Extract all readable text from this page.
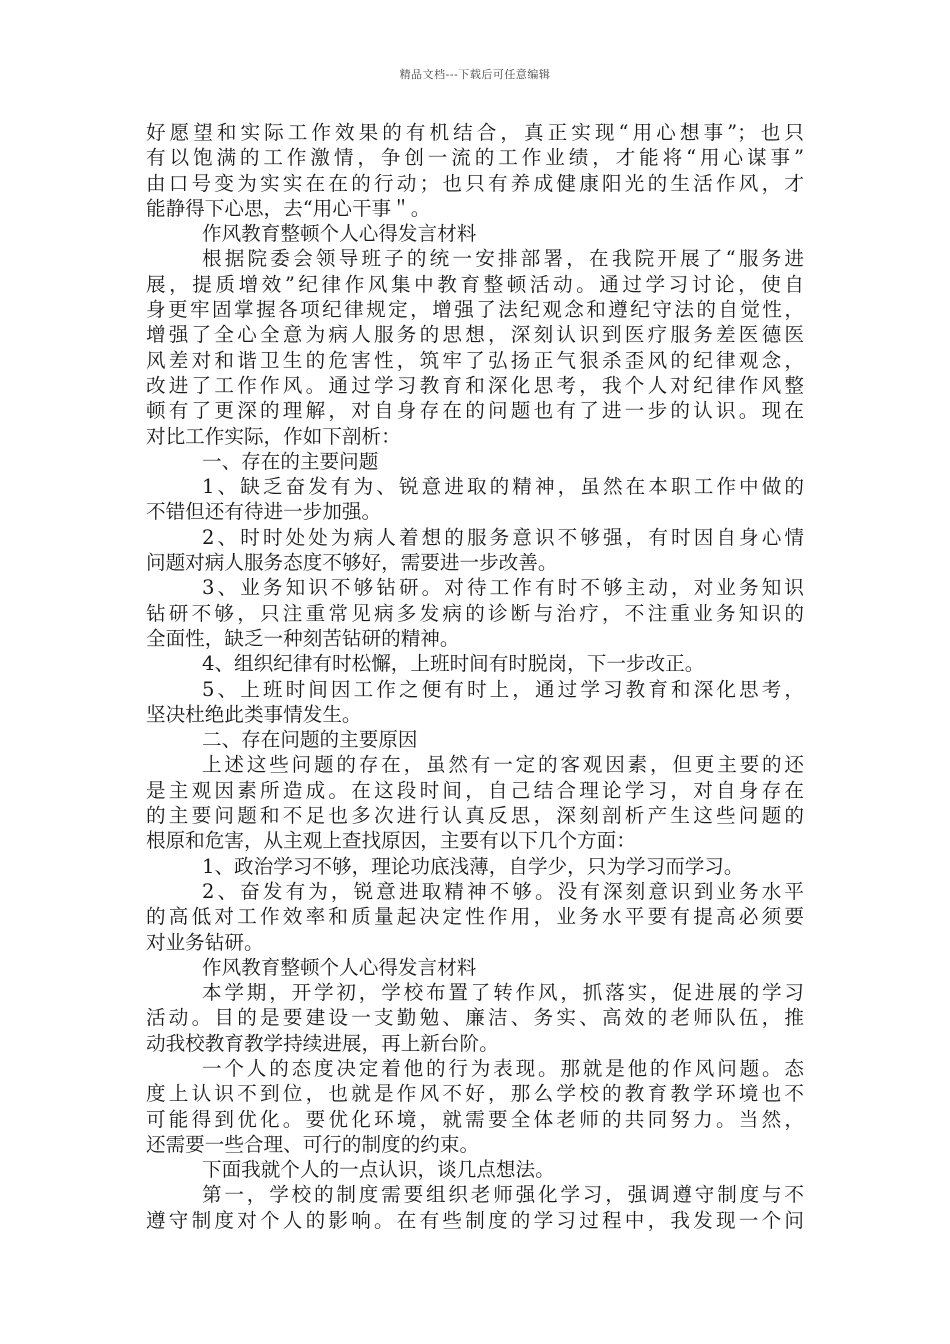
精品文档---下载后可任意编辑
好愿望和实际工作效果的有机结合，真正实现“用心想事”；也只
有以饱满的工作激情，争创一流的工作业绩，才能将“用心谋事”
由口号变为实实在在的行动；也只有养成健康阳光的生活作风，才
能静得下心思，去“用心干事＂。
作风教育整顿个人心得发言材料
根据院委会领导班子的统一安排部署，在我院开展了“服务进
展，提质增效”纪律作风集中教育整顿活动。通过学习讨论，使自
身更牢固掌握各项纪律规定，增强了法纪观念和遵纪守法的自觉性，
增强了全心全意为病人服务的思想，深刻认识到医疗服务差医德医
风差对和谐卫生的危害性，筑牢了弘扬正气狠杀歪风的纪律观念，
改进了工作作风。通过学习教育和深化思考，我个人对纪律作风整
顿有了更深的理解，对自身存在的问题也有了进一步的认识。现在
对比工作实际，作如下剖析：
一、存在的主要问题
1、缺乏奋发有为、锐意进取的精神，虽然在本职工作中做的
不错但还有待进一步加强。
2、时时处处为病人着想的服务意识不够强，有时因自身心情
问题对病人服务态度不够好，需要进一步改善。
3、业务知识不够钻研。对待工作有时不够主动，对业务知识
钻研不够，只注重常见病多发病的诊断与治疗，不注重业务知识的
全面性，缺乏一种刻苦钻研的精神。
4、组织纪律有时松懈，上班时间有时脱岗，下一步改正。
5、上班时间因工作之便有时上，通过学习教育和深化思考，
坚决杜绝此类事情发生。
二、存在问题的主要原因
上述这些问题的存在，虽然有一定的客观因素，但更主要的还
是主观因素所造成。在这段时间，自己结合理论学习，对自身存在
的主要问题和不足也多次进行认真反思，深刻剖析产生这些问题的
根原和危害，从主观上查找原因，主要有以下几个方面：
1、政治学习不够，理论功底浅薄，自学少，只为学习而学习。
2、奋发有为，锐意进取精神不够。没有深刻意识到业务水平
的高低对工作效率和质量起决定性作用，业务水平要有提高必须要
对业务钻研。
作风教育整顿个人心得发言材料
本学期，开学初，学校布置了转作风，抓落实，促进展的学习
活动。目的是要建设一支勤勉、廉洁、务实、高效的老师队伍，推
动我校教育教学持续进展，再上新台阶。
一个人的态度决定着他的行为表现。那就是他的作风问题。态
度上认识不到位，也就是作风不好，那么学校的教育教学环境也不
可能得到优化。要优化环境，就需要全体老师的共同努力。当然，
还需要一些合理、可行的制度的约束。
下面我就个人的一点认识，谈几点想法。
第一，学校的制度需要组织老师强化学习，强调遵守制度与不
遵守制度对个人的影响。在有些制度的学习过程中，我发现一个问
